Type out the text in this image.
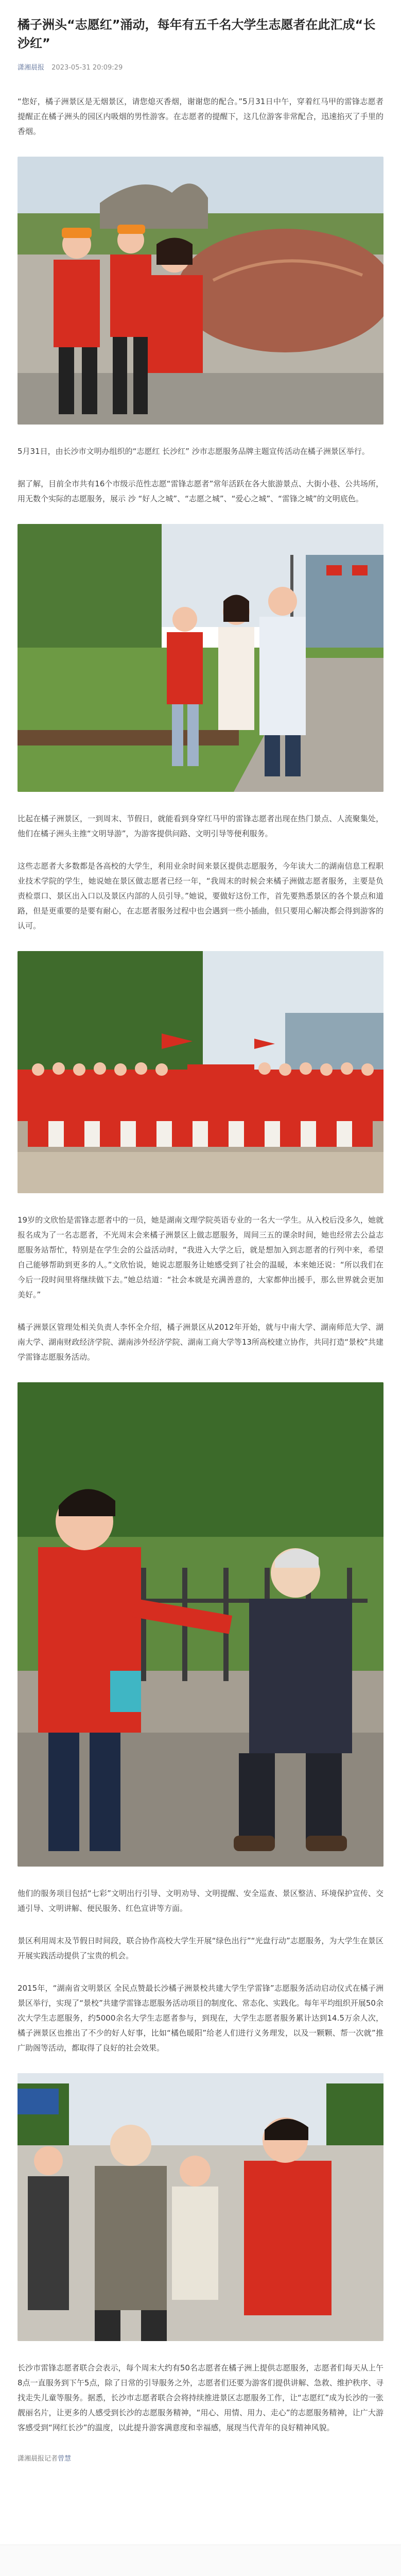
橘子洲头“志愿红”涌动，每年有五千名大学生志愿者在此汇成“长沙红”
潇湘晨报 2023-05-31 20:09:29

“您好，橘子洲景区是无烟景区，请您熄灭香烟，谢谢您的配合。”5月31日中午，穿着红马甲的雷锋志愿者提醒正在橘子洲头的园区内吸烟的男性游客。在志愿者的提醒下，这几位游客非常配合，迅速掐灭了手里的香烟。

5月31日，由长沙市文明办组织的“志愿红 长沙红” 沙市志愿服务品牌主题宣传活动在橘子洲景区举行。

据了解，目前全市共有16个市级示范性志愿“雷锋志愿者”常年活跃在各大旅游景点、大街小巷、公共场所，用无数个实际的志愿服务，展示 沙 “好人之城”、“志愿之城”、“爱心之城”、“雷锋之城”的文明底色。

比起在橘子洲景区，一到周末、节假日，就能看到身穿红马甲的雷锋志愿者出现在热门景点、人流聚集处，他们在橘子洲头主推“文明导游”，为游客提供问路、文明引导等便利服务。

这些志愿者大多数都是各高校的大学生，利用业余时间来景区提供志愿服务，今年读大二的湖南信息工程职业技术学院的学生，她说她在景区做志愿者已经一年，“我周末的时候会来橘子洲做志愿者服务，主要是负责检票口、景区出入口以及景区内部的人员引导。”她说，要做好这份工作，首先要熟悉景区的各个景点和道路，但是更重要的是要有耐心，在志愿者服务过程中也会遇到一些小插曲，但只要用心解决都会得到游客的认可。

19岁的文欣怡是雷锋志愿者中的一员，她是湖南文理学院英语专业的一名大一学生。从入校后没多久，她就报名成为了一名志愿者，不光周末会来橘子洲景区上做志愿服务，周间三五的课余时间，她也经常去公益志愿服务站帮忙，特别是在学生会的公益活动时，“我进入大学之后，就是想加入到志愿者的行列中来，希望自己能够帮助到更多的人。”文欣怡说，她说志愿服务让她感受到了社会的温暖，本来她还说：“所以我们在今后一段时间里将继续做下去。”她总结道：“社会本就是充满善意的，大家都伸出援手，那么世界就会更加美好。”

橘子洲景区管理处相关负责人李怀全介绍，橘子洲景区从2012年开始，就与中南大学、湖南师范大学、湖南大学、湖南财政经济学院、湖南涉外经济学院、湖南工商大学等13所高校建立协作，共同打造“景校”共建学雷锋志愿服务活动。

他们的服务项目包括“七彩”文明出行引导、文明劝导、文明提醒、安全巡查、景区整洁、环境保护宣传、交通引导、文明讲解、便民服务、红色宣讲等方面。

景区利用周末及节假日时间段，联合协作高校大学生开展“绿色出行”“光盘行动”志愿服务，为大学生在景区开展实践活动提供了宝贵的机会。

2015年，“湖南省文明景区 全民点赞最长沙橘子洲景校共建大学生学雷锋”志愿服务活动启动仪式在橘子洲景区举行，实现了“景校”共建学雷锋志愿服务活动项目的制度化、常态化、实践化。每年平均组织开展50余次大学生志愿服务，约5000余名大学生志愿者参与，到现在，大学生志愿者服务累计达到14.5万余人次，橘子洲景区也推出了不少的好人好事，比如“橘色暖阳”给老人们进行义务理发，以及一颗颗、帮一次就”推广助阁等活动，都取得了良好的社会效果。

长沙市雷锋志愿者联合会表示，每个周末大约有50名志愿者在橘子洲上提供志愿服务，志愿者们每天从上午8点一直服务到下午5点，除了日常的引导服务之外，志愿者们还要为游客们提供讲解、急救、维护秩序、寻找走失儿童等服务。据悉，长沙市志愿者联合会将持续推进景区志愿服务工作，让“志愿红”成为长沙的一张靓丽名片，让更多的人感受到长沙的志愿服务精神，“用心、用情、用力、走心”的志愿服务精神，让广大游客感受到“网红长沙”的温度，以此提升游客满意度和幸福感，展现当代青年的良好精神风貌。

潇湘晨报记者曾慧
